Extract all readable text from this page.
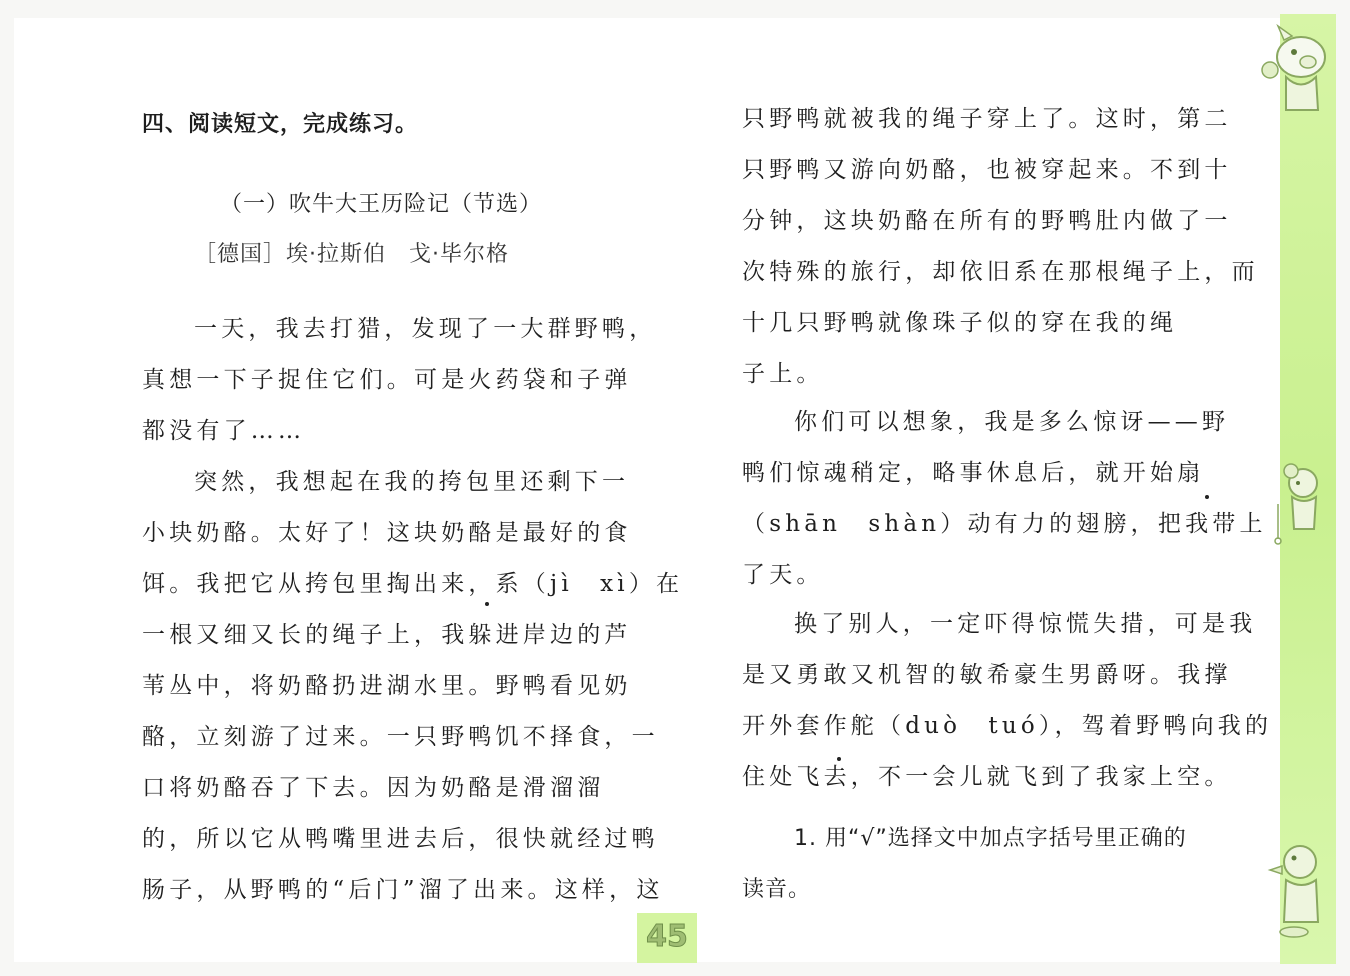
四、阅读短文，完成练习。
（一）吹牛大王历险记（节选）
［德国］埃·拉斯伯　戈·毕尔格
一天，我去打猎，发现了一大群野鸭，
真想一下子捉住它们。可是火药袋和子弹
都没有了……
突然，我想起在我的挎包里还剩下一
小块奶酪。太好了！这块奶酪是最好的食
饵。我把它从挎包里掏出来，系（jì　xì）在
一根又细又长的绳子上，我躲进岸边的芦
苇丛中，将奶酪扔进湖水里。野鸭看见奶
酪，立刻游了过来。一只野鸭饥不择食，一
口将奶酪吞了下去。因为奶酪是滑溜溜
的，所以它从鸭嘴里进去后，很快就经过鸭
肠子，从野鸭的“后门”溜了出来。这样，这
只野鸭就被我的绳子穿上了。这时，第二
只野鸭又游向奶酪，也被穿起来。不到十
分钟，这块奶酪在所有的野鸭肚内做了一
次特殊的旅行，却依旧系在那根绳子上，而
十几只野鸭就像珠子似的穿在我的绳
子上。
你们可以想象，我是多么惊讶——野
鸭们惊魂稍定，略事休息后，就开始扇
（shān　shàn）动有力的翅膀，把我带上
了天。
换了别人，一定吓得惊慌失措，可是我
是又勇敢又机智的敏希豪生男爵呀。我撑
开外套作舵（duò　tuó），驾着野鸭向我的
住处飞去，不一会儿就飞到了我家上空。
1. 用“√”选择文中加点字括号里正确的
读音。
45
